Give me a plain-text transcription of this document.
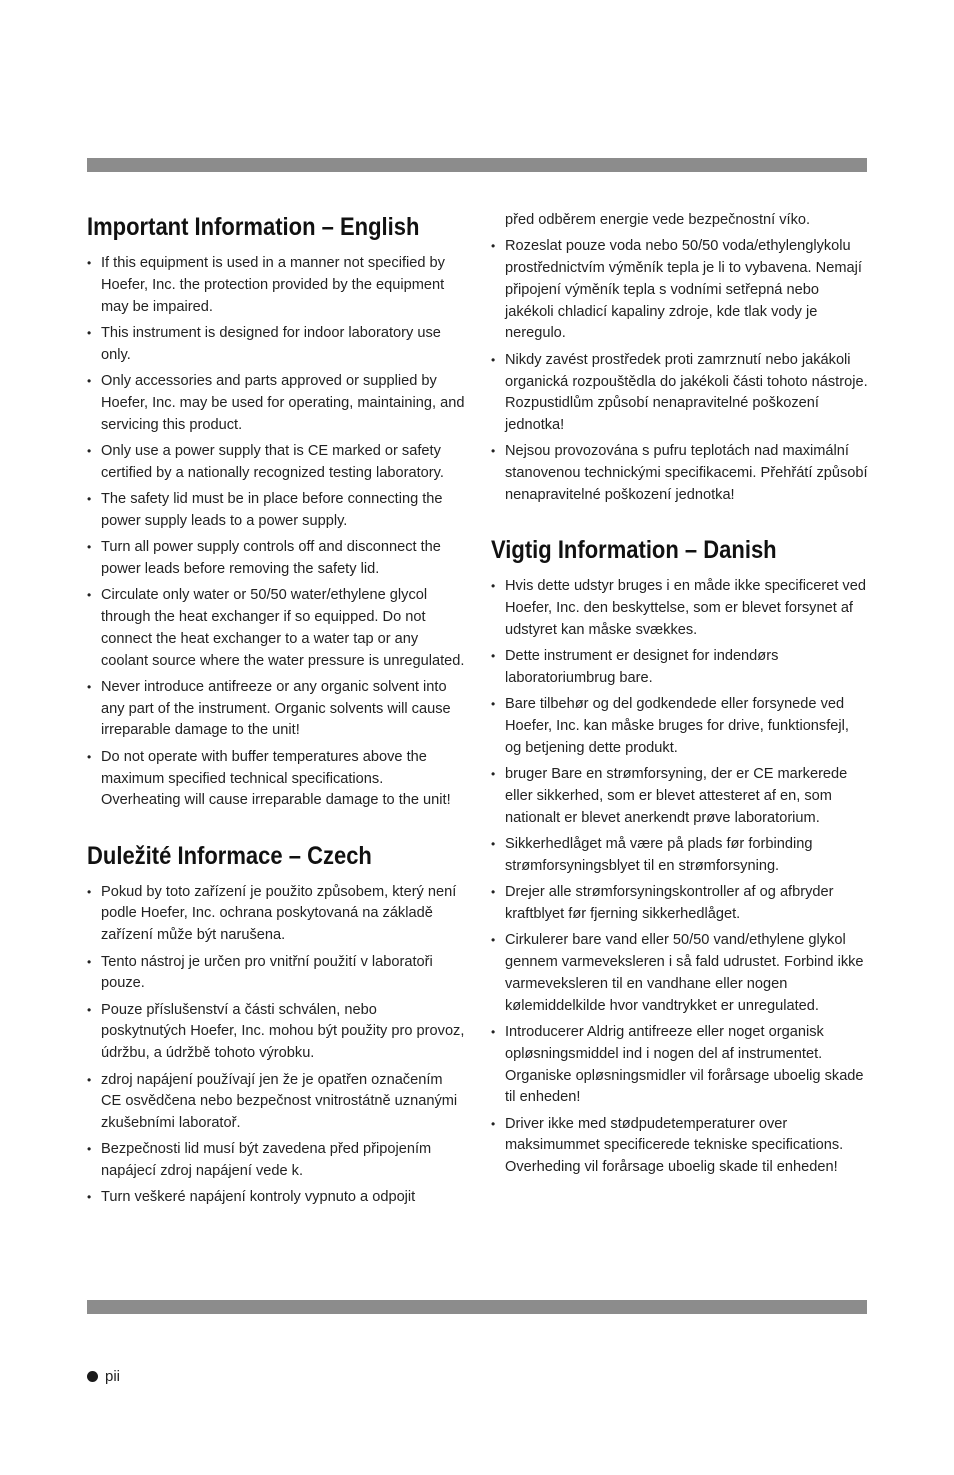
Important Information – English
• If this equipment is used in a manner not specified by Hoefer, Inc. the protection provided by the equipment may be impaired.
• This instrument is designed for indoor laboratory use only.
• Only accessories and parts approved or supplied by Hoefer, Inc. may be used for operating, maintaining, and servicing this product.
• Only use a power supply that is CE marked or safety certified by a nationally recognized testing laboratory.
• The safety lid must be in place before connecting the power supply leads to a power supply.
• Turn all power supply controls off and disconnect the power leads before removing the safety lid.
• Circulate only water or 50/50 water/ethylene glycol through the heat exchanger if so equipped. Do not connect the heat exchanger to a water tap or any coolant source where the water pressure is unregulated.
• Never introduce antifreeze or any organic solvent into any part of the instrument. Organic solvents will cause irreparable damage to the unit!
• Do not operate with buffer temperatures above the maximum specified technical specifications. Overheating will cause irreparable damage to the unit!
Duležité Informace – Czech
• Pokud by toto zařízení je použito způsobem, který není podle Hoefer, Inc. ochrana poskytovaná na základě zařízení může být narušena.
• Tento nástroj je určen pro vnitřní použití v laboratoři pouze.
• Pouze příslušenství a části schválen, nebo poskytnutých Hoefer, Inc. mohou být použity pro provoz, údržbu, a údržbě tohoto výrobku.
• zdroj napájení používají jen že je opatřen označením CE osvědčena nebo bezpečnost vnitrostátně uznanými zkušebními laboratoř.
• Bezpečnosti lid musí být zavedena před připojením napájecí zdroj napájení vede k.
• Turn veškeré napájení kontroly vypnuto a odpojit
před odběrem energie vede bezpečnostní víko.
• Rozeslat pouze voda nebo 50/50 voda/ethylenglykolu prostřednictvím výměník tepla je li to vybavena. Nemají připojení výměník tepla s vodními setřepná nebo jakékoli chladicí kapaliny zdroje, kde tlak vody je neregulo.
• Nikdy zavést prostředek proti zamrznutí nebo jakákoli organická rozpouštědla do jakékoli části tohoto nástroje. Rozpustidlům způsobí nenapravitelné poškození jednotka!
• Nejsou provozována s pufru teplotách nad maximální stanovenou technickými specifikacemi. Přehřátí způsobí nenapravitelné poškození jednotka!
Vigtig Information – Danish
• Hvis dette udstyr bruges i en måde ikke specificeret ved Hoefer, Inc. den beskyttelse, som er blevet forsynet af udstyret kan måske svækkes.
• Dette instrument er designet for indendørs laboratoriumbrug bare.
• Bare tilbehør og del godkendede eller forsynede ved Hoefer, Inc. kan måske bruges for drive, funktionsfejl, og betjening dette produkt.
• bruger Bare en strømforsyning, der er CE markerede eller sikkerhed, som er blevet attesteret af en, som nationalt er blevet anerkendt prøve laboratorium.
• Sikkerhedlåget må være på plads før forbinding strømforsyningsblyet til en strømforsyning.
• Drejer alle strømforsyningskontroller af og afbryder kraftblyet før fjerning sikkerhedlåget.
• Cirkulerer bare vand eller 50/50 vand/ethylene glykol gennem varmeveksleren i så fald udrustet. Forbind ikke varmeveksleren til en vandhane eller nogen kølemiddelkilde hvor vandtrykket er unregulated.
• Introducerer Aldrig antifreeze eller noget organisk opløsningsmiddel ind i nogen del af instrumentet. Organiske opløsningsmidler vil forårsage uboelig skade til enheden!
• Driver ikke med stødpudetemperaturer over maksimummet specificerede tekniske specifications. Overheding vil forårsage uboelig skade til enheden!
pii
